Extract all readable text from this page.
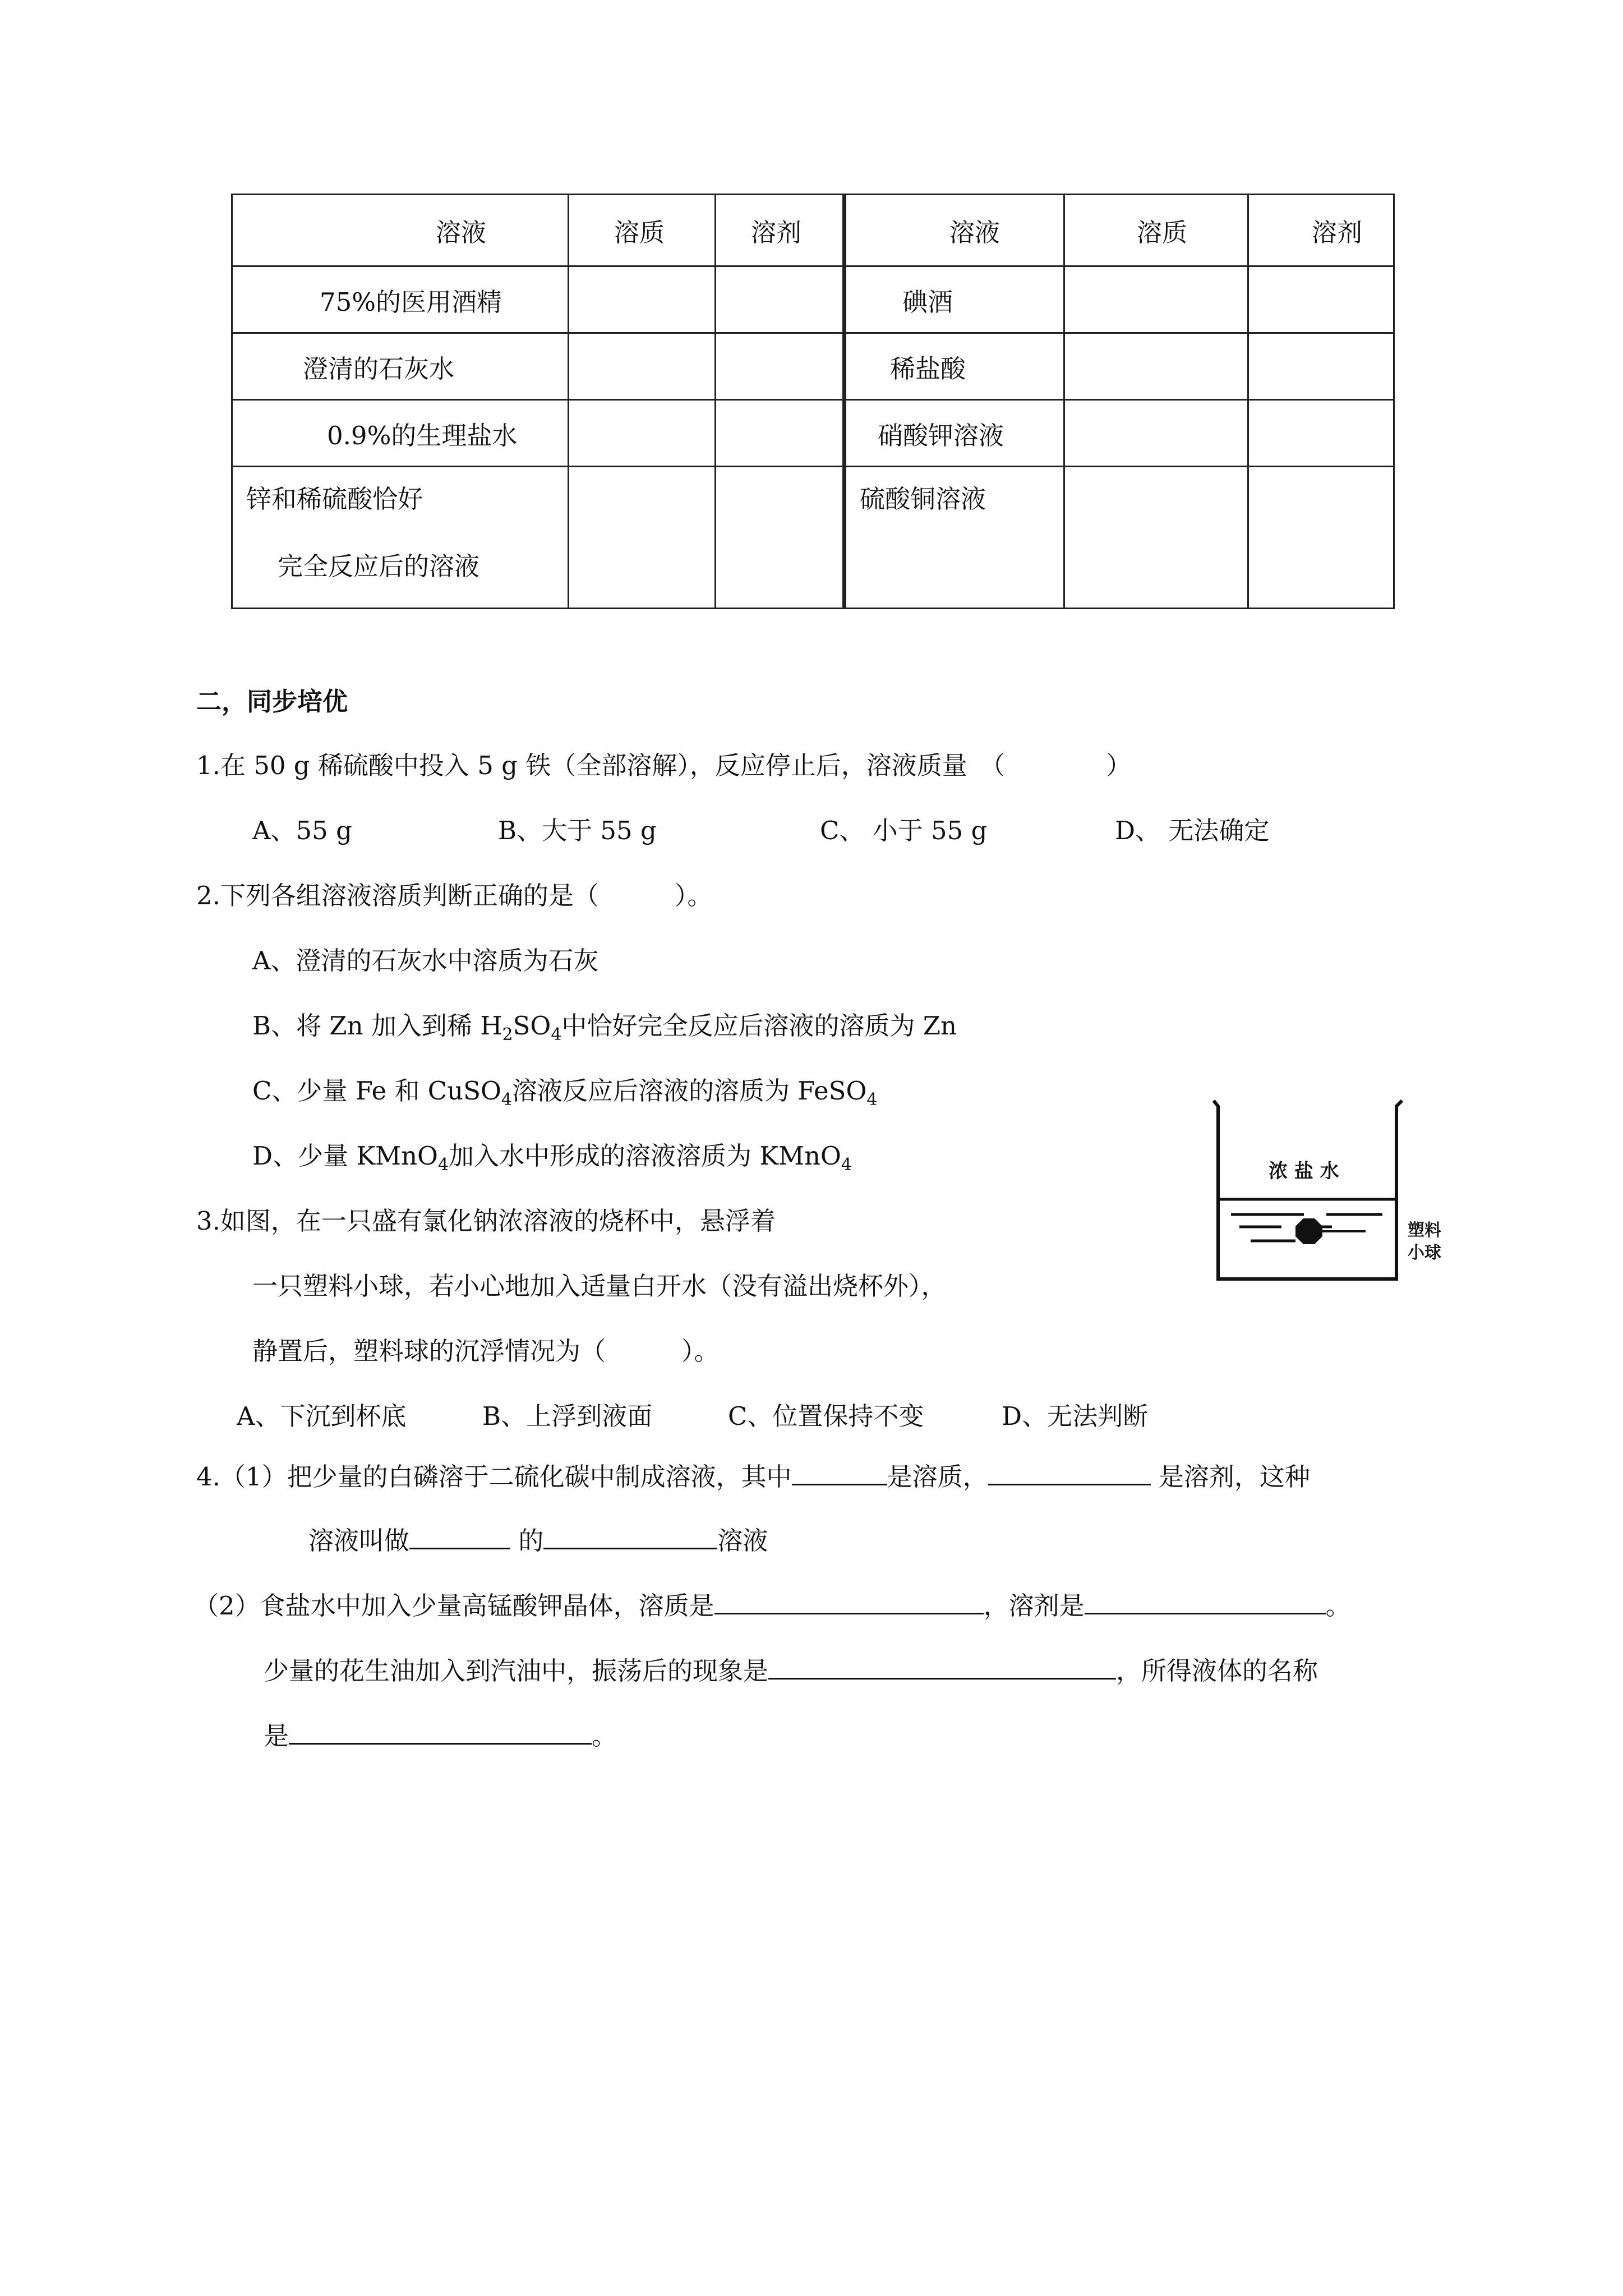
溶液	溶质	溶剂	溶液	溶质	溶剂

75%的医用酒精			碘酒		

澄清的石灰水			稀盐酸		

0.9%的生理盐水			硝酸钾溶液		

锌和稀硫酸恰好
完全反应后的溶液			硫酸铜溶液		

二，同步培优
1.在 50 g 稀硫酸中投入 5 g 铁（全部溶解），反应停止后，溶液质量　（　　　　）
A、55 g	B、大于 55 g	C、 小于 55 g	D、 无法确定
2.下列各组溶液溶质判断正确的是（　　　）。
A、澄清的石灰水中溶质为石灰
B、将 Zn 加入到稀 $H_2SO_4$中恰好完全反应后溶液的溶质为 Zn
C、少量 Fe 和 CuSO$_4$溶液反应后溶液的溶质为 FeSO$_4$
D、少量 KMnO$_4$加入水中形成的溶液溶质为 KMnO$_4$
3.如图，在一只盛有氯化钠浓溶液的烧杯中，悬浮着
一只塑料小球，若小心地加入适量白开水（没有溢出烧杯外），
静置后，塑料球的沉浮情况为（　　　）。
A、下沉到杯底	B、上浮到液面	C、位置保持不变	D、无法判断
浓 盐 水
塑料
小球
4.（1）把少量的白磷溶于二硫化碳中制成溶液，其中	是溶质，	是溶剂，这种
溶液叫做	的	溶液
（2）食盐水中加入少量高锰酸钾晶体，溶质是	，溶剂是	。
少量的花生油加入到汽油中，振荡后的现象是	，所得液体的名称
是	。
